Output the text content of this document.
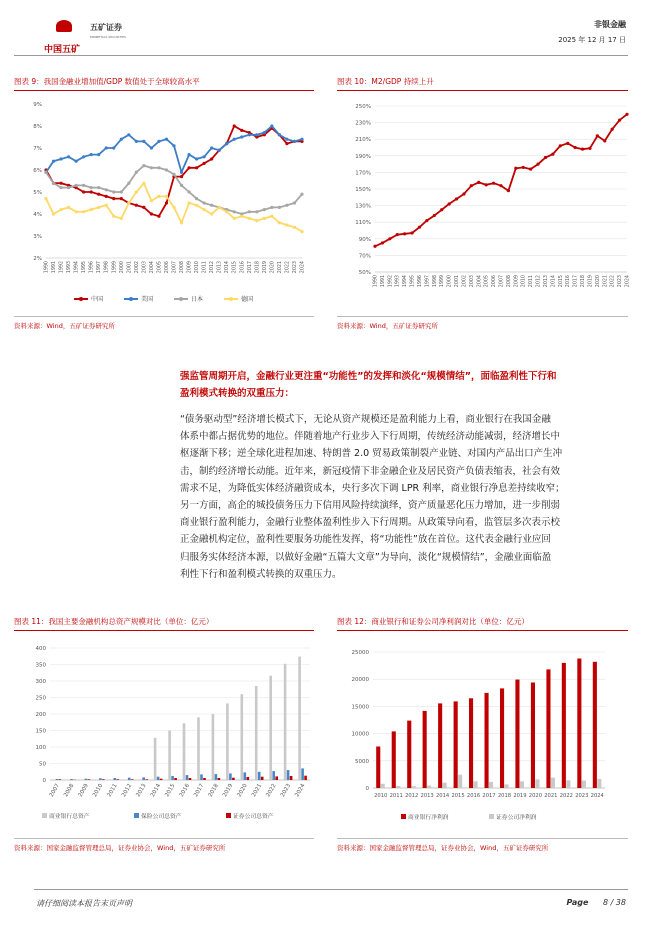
五矿证券
MINMETALS SECURITIES
中国五矿
非银金融
2025 年 12 月 17 日
图表 9：我国金融业增加值/GDP 数值处于全球较高水平
2%
3%
4%
5%
6%
7%
8%
9%
1990 1991 1992 1993 1994 1995 1996 1997 1998 1999 2000 2001 2002 2003 2004 2005 2006 2007 2008 2009 2010 2011 2012 2013 2014 2015 2016 2017 2018 2019 2020 2021 2022 2023 2024
中国	美国	日本	德国
资料来源：Wind，五矿证券研究所
图表 10：M2/GDP 持续上升
50%
70%
90%
110%
130%
150%
170%
190%
210%
230%
250%
1990 1991 1992 1993 1994 1995 1996 1997 1998 1999 2000 2001 2002 2003 2004 2005 2006 2007 2008 2009 2010 2011 2012 2013 2014 2015 2016 2017 2018 2019 2020 2021 2022 2023 2024
资料来源：Wind，五矿证券研究所
强监管周期开启，金融行业更注重“功能性”的发挥和淡化“规模情结”，面临盈利性下行和
盈利模式转换的双重压力：
“债务驱动型”经济增长模式下，无论从资产规模还是盈利能力上看，商业银行在我国金融
体系中都占据优势的地位。伴随着地产行业步入下行周期，传统经济动能减弱，经济增长中
枢逐渐下移；逆全球化进程加速、特朗普 2.0 贸易政策制裂产业链、对国内产品出口产生冲
击，制约经济增长动能。近年来，新冠疫情下非金融企业及居民资产负债表缩表，社会有效
需求不足，为降低实体经济融资成本，央行多次下调 LPR 利率，商业银行净息差持续收窄；
另一方面，高企的城投债务压力下信用风险持续演绎，资产质量恶化压力增加，进一步削弱
商业银行盈利能力，金融行业整体盈利性步入下行周期。从政策导向看，监管层多次表示校
正金融机构定位，盈利性要服务功能性发挥，将“功能性”放在首位。这代表金融行业应回
归服务实体经济本源，以做好金融“五篇大文章”为导向，淡化“规模情结”，金融业面临盈
利性下行和盈利模式转换的双重压力。
图表 11：我国主要金融机构总资产规模对比（单位：亿元）
0
50
100
150
200
250
300
350
400
2007 2008 2009 2010 2011 2012 2013 2014 2015 2016 2017 2018 2019 2020 2021 2022 2023 2024
商业银行总资产	保险公司总资产	证券公司总资产
资料来源：国家金融监督管理总局，证券业协会，Wind，五矿证券研究所
图表 12：商业银行和证券公司净利润对比（单位：亿元）
0
5000
10000
15000
20000
25000
2010 2011 2012 2013 2014 2015 2016 2017 2018 2019 2020 2021 2022 2023 2024
商业银行净利润	证券公司净利润
资料来源：国家金融监督管理总局，证券业协会，Wind，五矿证券研究所
请仔细阅读本报告末页声明	Page 8 / 38
